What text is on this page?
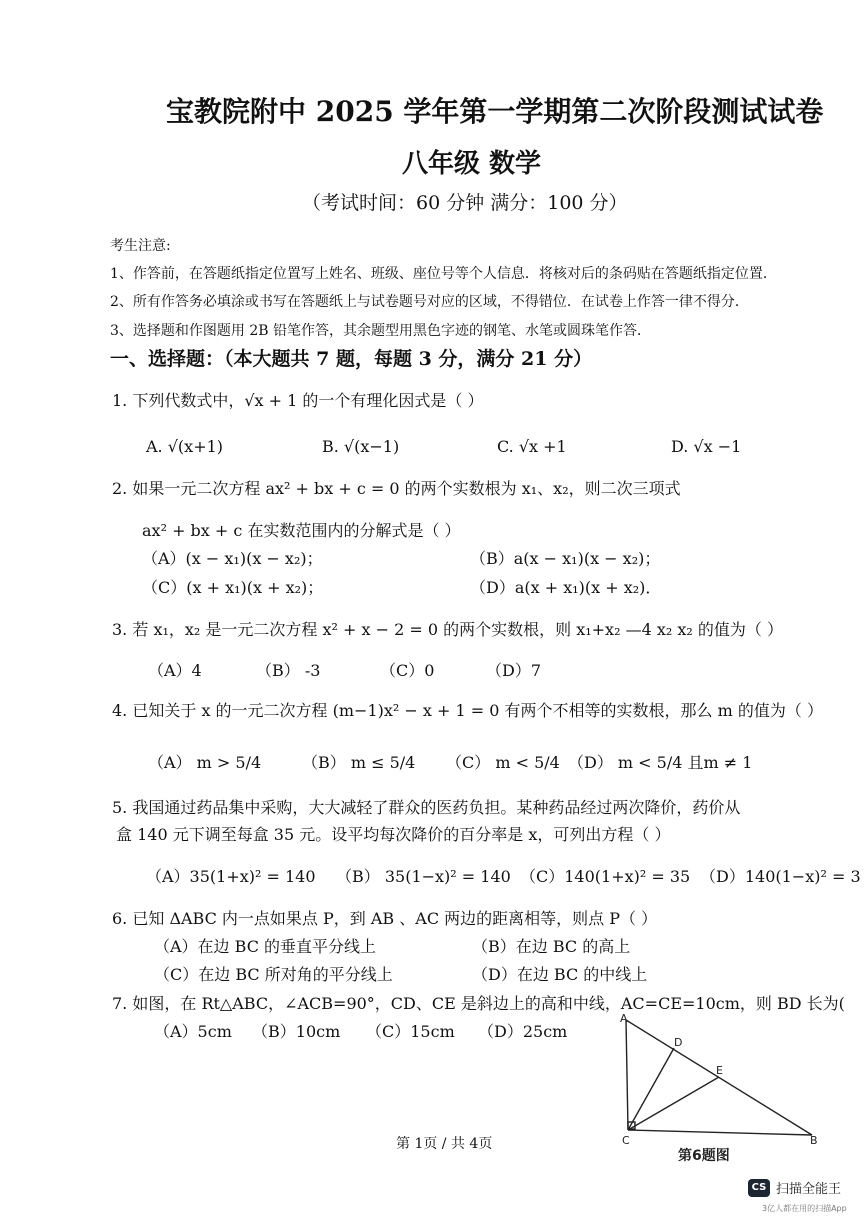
宝教院附中 2025 学年第一学期第二次阶段测试试卷
八年级 数学
（考试时间：60 分钟 满分：100 分）
考生注意:
1、作答前，在答题纸指定位置写上姓名、班级、座位号等个人信息．将核对后的条码贴在答题纸指定位置．
2、所有作答务必填涂或书写在答题纸上与试卷题号对应的区域，不得错位．在试卷上作答一律不得分．
3、选择题和作图题用 2B 铅笔作答，其余题型用黑色字迹的钢笔、水笔或圆珠笔作答．
一、选择题：（本大题共 7 题，每题 3 分，满分 21 分）
1. 下列代数式中，√x + 1 的一个有理化因式是（ ）
A. √(x+1)	B. √(x−1)	C. √x +1	D. √x −1
2. 如果一元二次方程 ax² + bx + c = 0 的两个实数根为 x₁、x₂，则二次三项式
ax² + bx + c 在实数范围内的分解式是（ ）
（A）(x − x₁)(x − x₂)；	（B）a(x − x₁)(x − x₂)；
（C）(x + x₁)(x + x₂)；	（D）a(x + x₁)(x + x₂)．
3. 若 x₁，x₂ 是一元二次方程 x² + x − 2 = 0 的两个实数根，则 x₁+x₂ —4 x₂ x₂ 的值为（ ）
（A）4	（B） -3	（C）0	（D）7
4. 已知关于 x 的一元二次方程 (m−1)x² − x + 1 = 0 有两个不相等的实数根，那么 m 的值为（ ）
（A） m > 5/4	（B） m ≤ 5/4 （C） m < 5/4 （D） m < 5/4 且m ≠ 1
5. 我国通过药品集中采购，大大减轻了群众的医药负担。某种药品经过两次降价，药价从
盒 140 元下调至每盒 35 元。设平均每次降价的百分率是 x，可列出方程（ ）
（A）35(1+x)² = 140 （B） 35(1−x)² = 140 （C）140(1+x)² = 35 （D）140(1−x)² = 3
6. 已知 ΔABC 内一点如果点 P，到 AB 、AC 两边的距离相等，则点 P（ ）
（A）在边 BC 的垂直平分线上	（B）在边 BC 的高上
（C）在边 BC 所对角的平分线上	（D）在边 BC 的中线上
7. 如图，在 Rt△ABC，∠ACB=90°，CD、CE 是斜边上的高和中线，AC=CE=10cm，则 BD 长为(
（A）5cm （B）10cm （C）15cm （D）25cm
A
D
E
C	B
第6题图
第 1页 / 共 4页
CS 扫描全能王
3亿人都在用的扫描App
